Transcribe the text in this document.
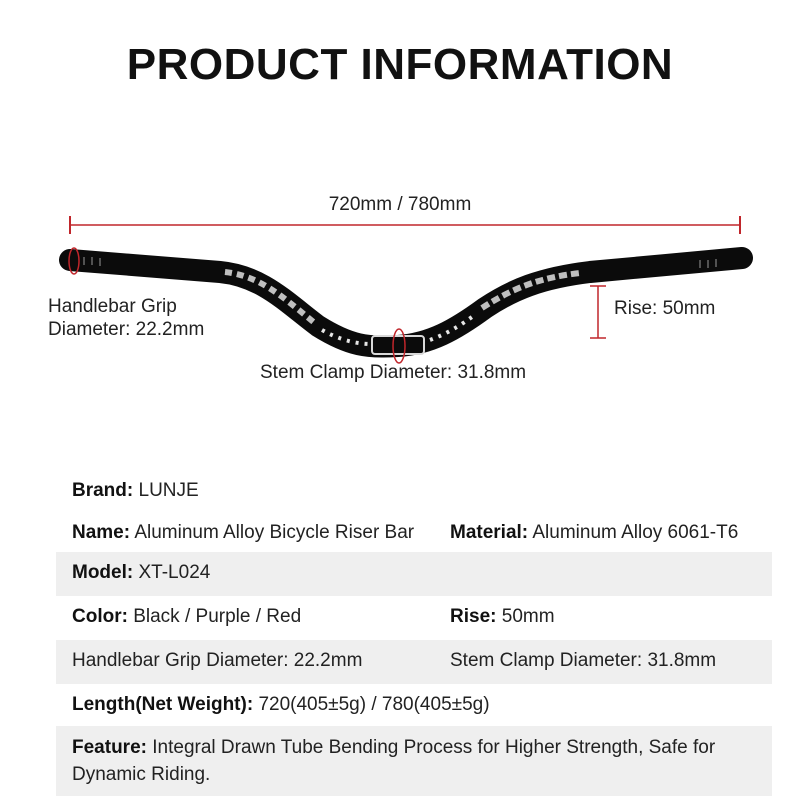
PRODUCT INFORMATION
720mm / 780mm
Handlebar Grip
Diameter: 22.2mm
Rise: 50mm
Stem Clamp Diameter: 31.8mm
Brand: LUNJE
Name: Aluminum Alloy Bicycle Riser Bar Material: Aluminum Alloy 6061-T6
Model: XT-L024
Color: Black / Purple / Red	Rise: 50mm
Handlebar Grip Diameter: 22.2mm	Stem Clamp Diameter: 31.8mm
Length(Net Weight): 720(405±5g) / 780(405±5g)
Feature: Integral Drawn Tube Bending Process for Higher Strength, Safe for Dynamic Riding.
